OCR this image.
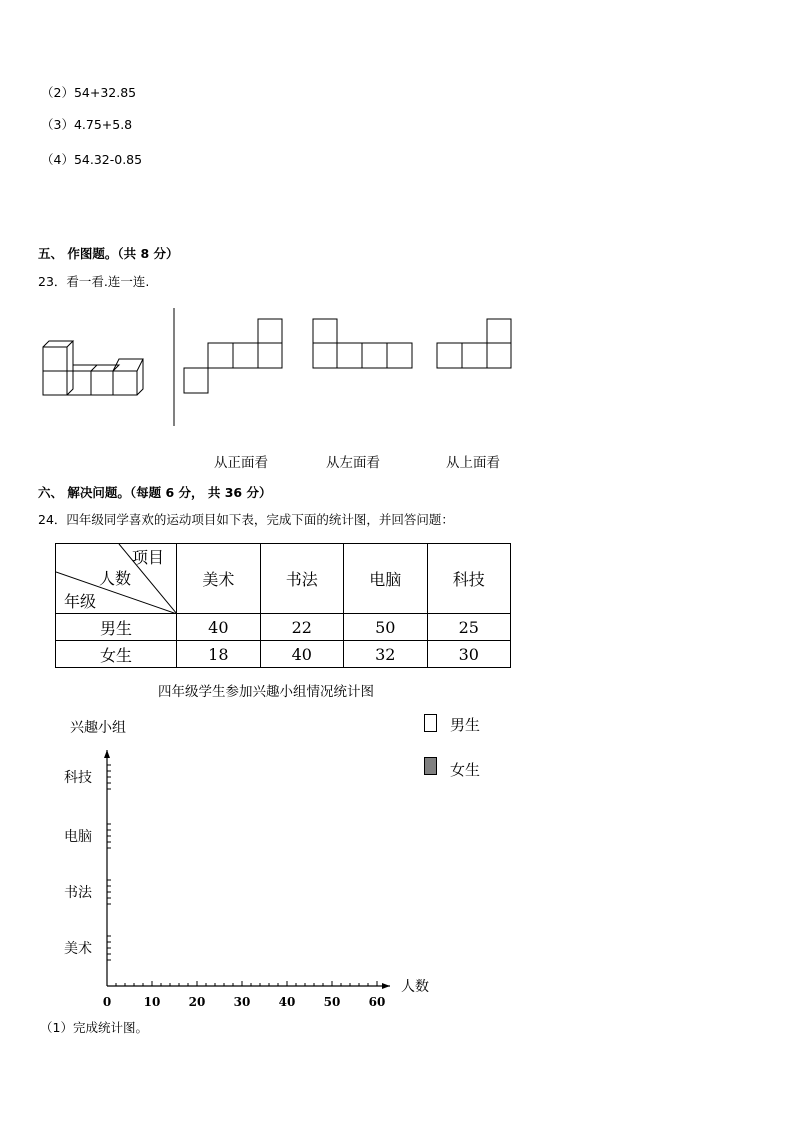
（2）54+32.85
（3）4.75+5.8
（4）54.32-0.85
五、 作图题。（共 8 分）
23．看一看.连一连.
从正面看	从左面看	从上面看
六、 解决问题。（每题 6 分， 共 36 分）
24．四年级同学喜欢的运动项目如下表，完成下面的统计图，并回答问题：
项目
人数
年级	美术	书法	电脑	科技
男生	40	22	50	25
女生	18	40	32	30
四年级学生参加兴趣小组情况统计图
男生
女生
兴趣小组
人数
科技
电脑
书法
美术
0	10 20 30 40 50 60
（1）完成统计图。
